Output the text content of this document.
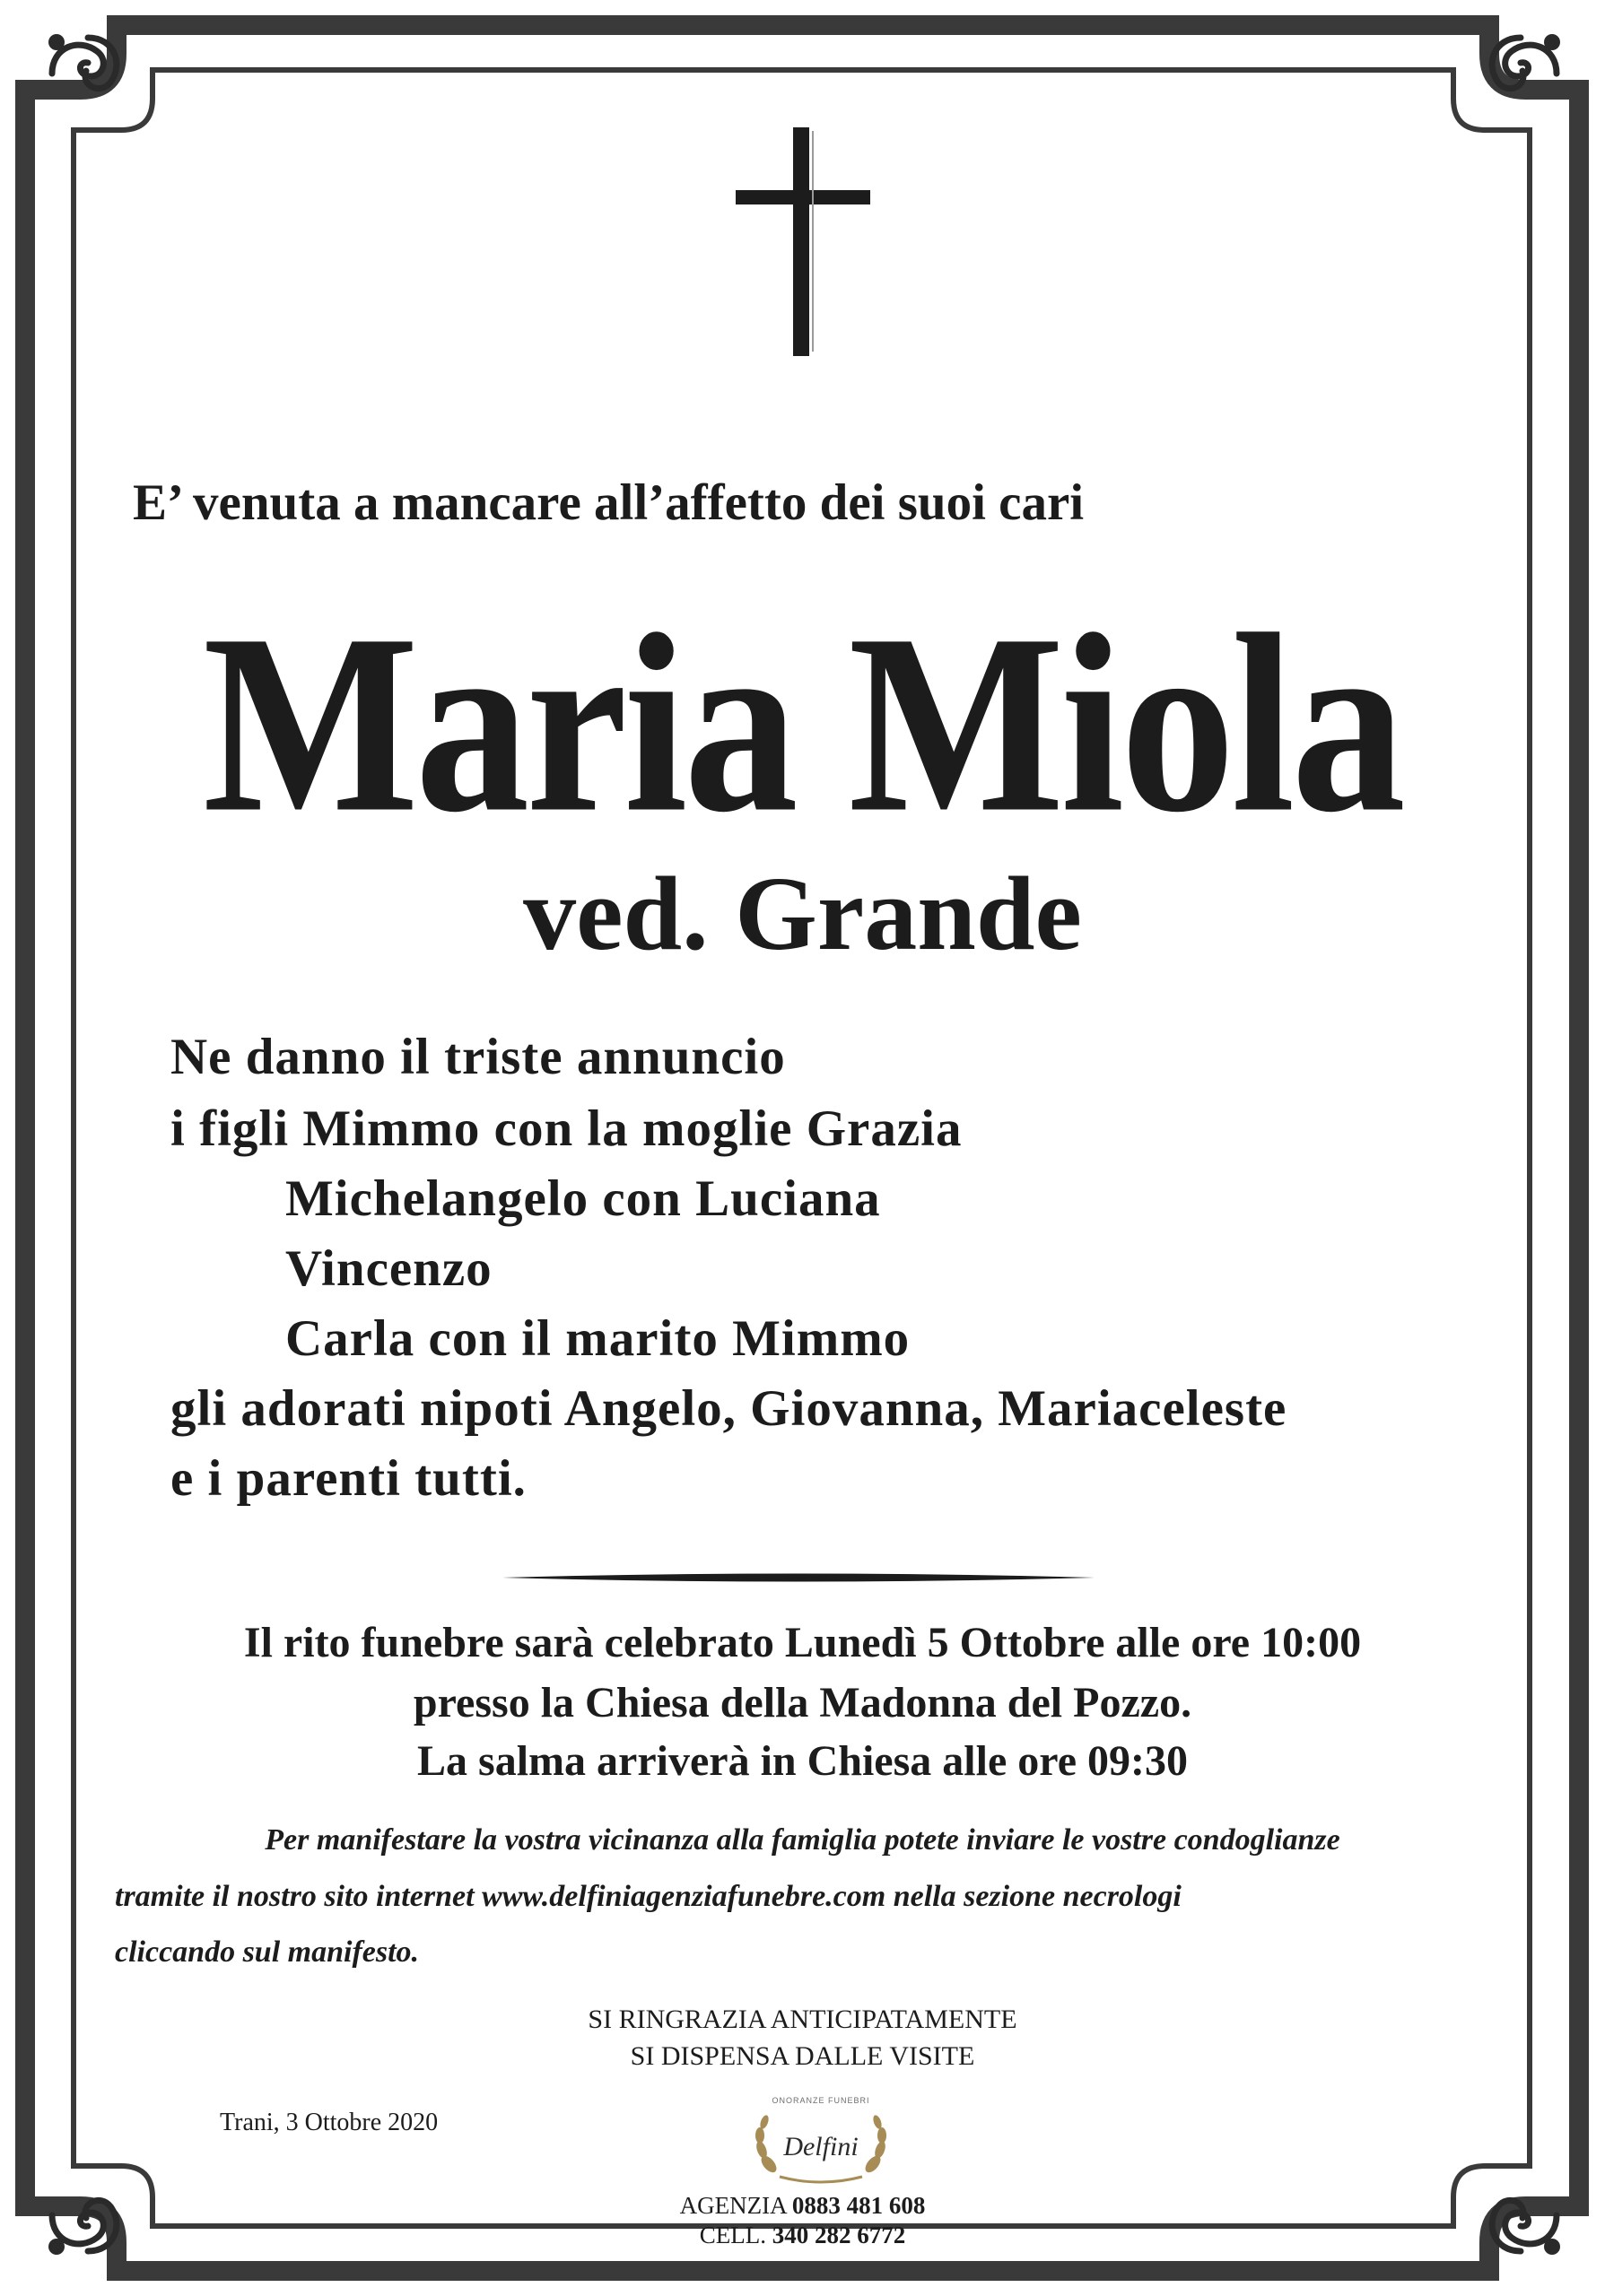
E’ venuta a mancare all’affetto dei suoi cari

Maria Miola

ved. Grande

Ne danno il triste annuncio

i figli Mimmo con la moglie Grazia

Michelangelo con Luciana

Vincenzo

Carla con il marito Mimmo

gli adorati nipoti Angelo, Giovanna, Mariaceleste

e i parenti tutti.

Il rito funebre sarà celebrato Lunedì 5 Ottobre alle ore 10:00

presso la Chiesa della Madonna del Pozzo.

La salma arriverà in Chiesa alle ore 09:30

Per manifestare la vostra vicinanza alla famiglia potete inviare le vostre condoglianze

tramite il nostro sito internet www.delfiniagenziafunebre.com nella sezione necrologi

cliccando sul manifesto.

SI RINGRAZIA ANTICIPATAMENTE

SI DISPENSA DALLE VISITE

Trani, 3 Ottobre 2020

ONORANZE FUNEBRI
Delfini

AGENZIA 0883 481 608

CELL. 340 282 6772
